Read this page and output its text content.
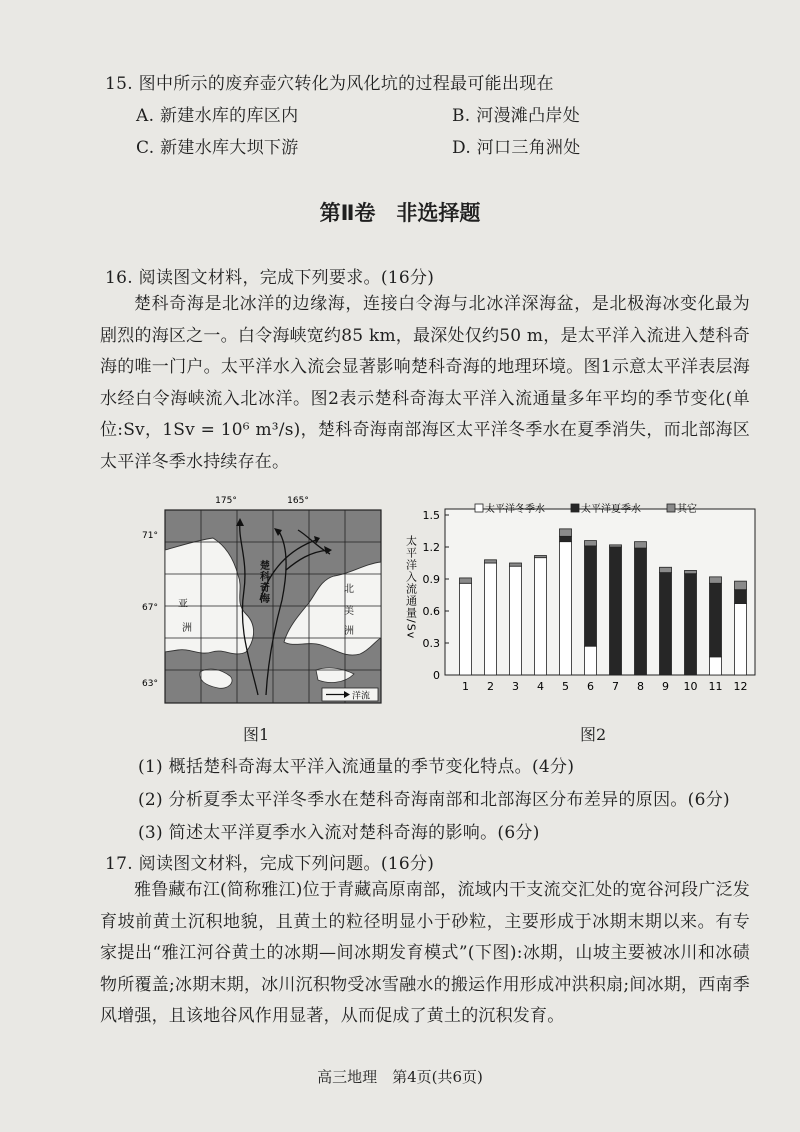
15. 图中所示的废弃壶穴转化为风化坑的过程最可能出现在
A. 新建水库的库区内	B. 河漫滩凸岸处
C. 新建水库大坝下游	D. 河口三角洲处
第Ⅱ卷　非选择题
16. 阅读图文材料，完成下列要求。(16分)
楚科奇海是北冰洋的边缘海，连接白令海与北冰洋深海盆，是北极海冰变化最为剧烈的海区之一。白令海峡宽约85 km，最深处仅约50 m，是太平洋入流进入楚科奇海的唯一门户。太平洋水入流会显著影响楚科奇海的地理环境。图1示意太平洋表层海水经白令海峡流入北冰洋。图2表示楚科奇海太平洋入流通量多年平均的季节变化(单位:Sv，1Sv = 10⁶ m³/s)，楚科奇海南部海区太平洋冬季水在夏季消失，而北部海区太平洋冬季水持续存在。
175°	165°
71°
67°
63°
楚科奇海
亚
洲
北
美
洲
洋流
图1
0
0.3
0.6
0.9
1.2
1.5
1 2 3 4 5 6 7 8 9 10 11 12
太平洋冬季水	太平洋夏季水	其它
太平洋入流通量/Sv
图2
(1) 概括楚科奇海太平洋入流通量的季节变化特点。(4分)
(2) 分析夏季太平洋冬季水在楚科奇海南部和北部海区分布差异的原因。(6分)
(3) 简述太平洋夏季水入流对楚科奇海的影响。(6分)
17. 阅读图文材料，完成下列问题。(16分)
雅鲁藏布江(简称雅江)位于青藏高原南部，流域内干支流交汇处的宽谷河段广泛发育坡前黄土沉积地貌，且黄土的粒径明显小于砂粒，主要形成于冰期末期以来。有专家提出“雅江河谷黄土的冰期—间冰期发育模式”(下图):冰期，山坡主要被冰川和冰碛物所覆盖;冰期末期，冰川沉积物受冰雪融水的搬运作用形成冲洪积扇;间冰期，西南季风增强，且该地谷风作用显著，从而促成了黄土的沉积发育。
高三地理　第4页(共6页)
